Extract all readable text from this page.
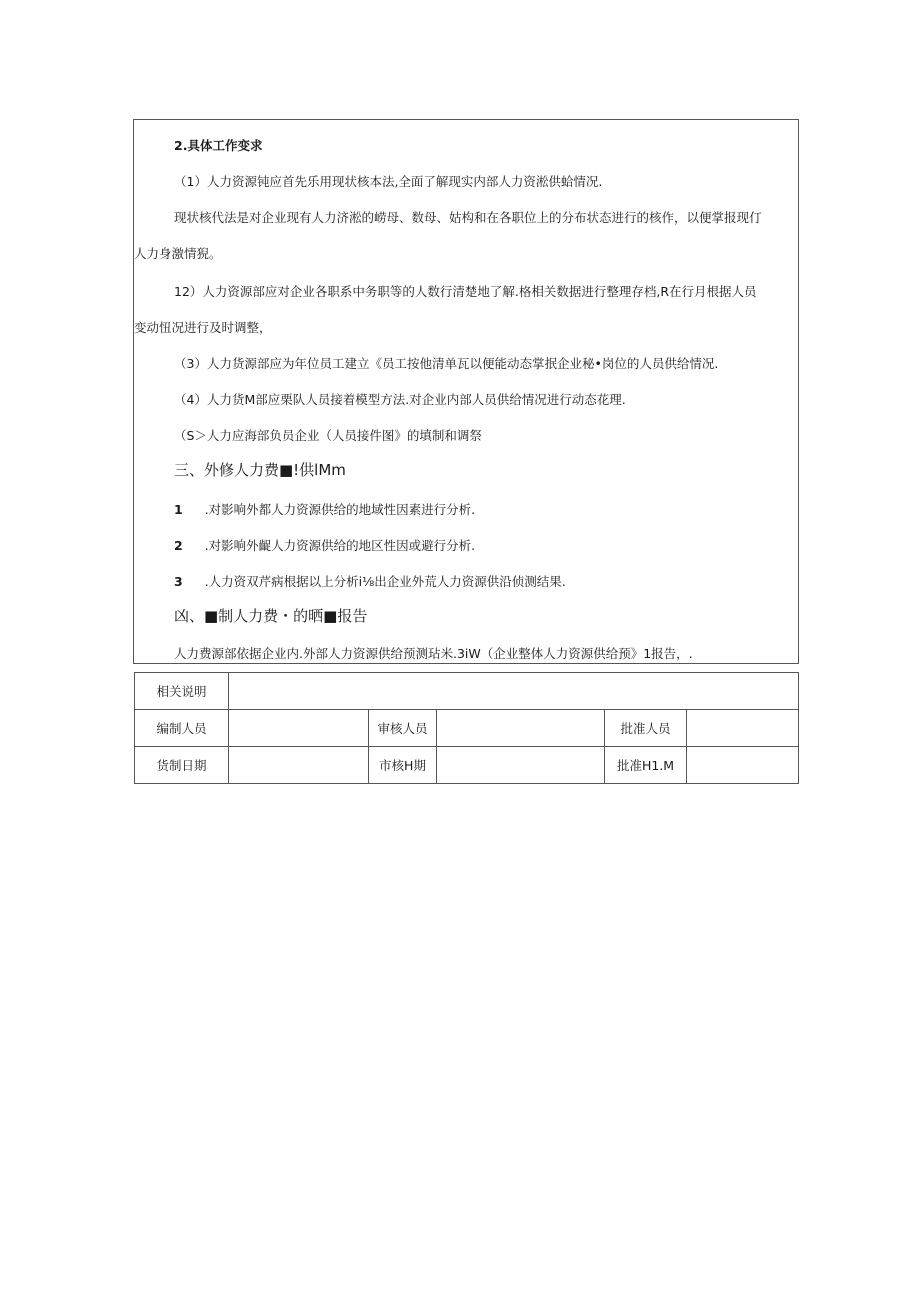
2.具体工作变求
（1）人力资源钝应首先乐用现状核本法,全面了解现实内部人力资淞供蛤情况.
现状核代法是对企业现有人力济淞的崂母、数母、姑构和在各职位上的分布状态进行的核作，以便掌报现仃
人力身激情猊。
12）人力资源部应对企业各职系中务职等的人数行清楚地了解.格相关数据进行整理存档,R在行月根据人员
变动忸况进行及时调整，
（3）人力货源部应为年位员工建立《员工按他清单瓦以便能动态掌抿企业秘•岗位的人员供给情况.
（4）人力货M部应栗队人员接着模型方法.对企业内部人员供给情况进行动态花理.
（S＞人力应海部负员企业（人员接件图》的填制和调祭
三、外修人力费■!供lMm
1 .对影响外都人力资源供给的地域性因素进行分析.
2 .对影响外齪人力资源供给的地区性因或避行分析.
3 .人力资双芹病根据以上分析i⅛出企业外荒人力资源供沿侦测结果.
凶、■制人力费・的晒■报告
人力费源部依据企业内.外部人力资源供给预测玷米.3iW（企业整体人力资源供给预》1报告，.
相关说明					
编制人员		审核人员		批准人员	
货制日期		市核H期		批准H1.M	
